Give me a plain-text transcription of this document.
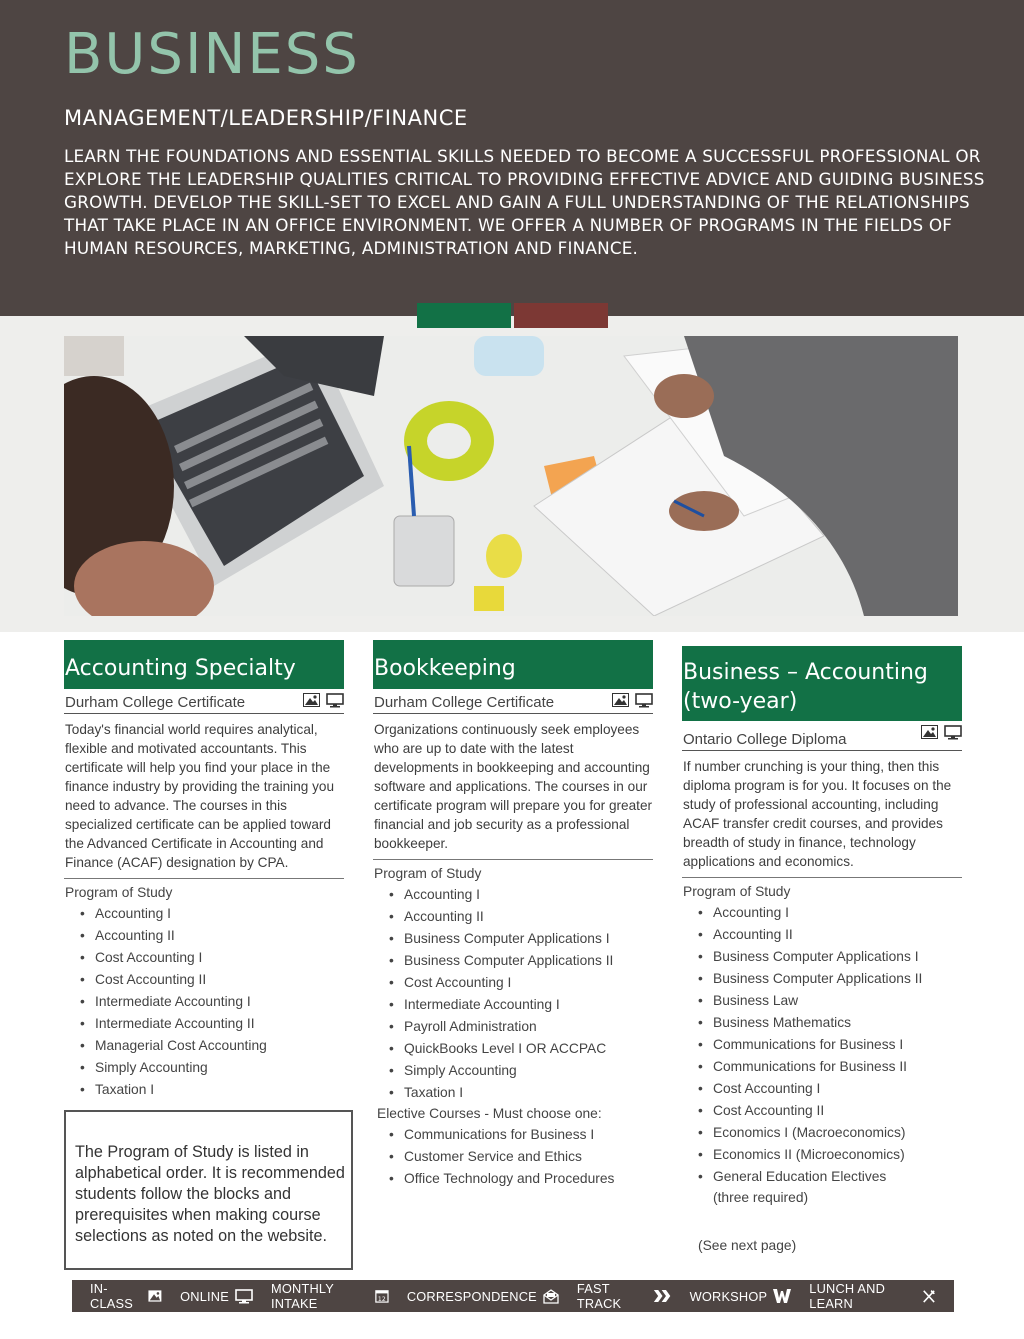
BUSINESS
MANAGEMENT/LEADERSHIP/FINANCE
LEARN THE FOUNDATIONS AND ESSENTIAL SKILLS NEEDED TO BECOME A SUCCESSFUL PROFESSIONAL OR EXPLORE THE LEADERSHIP QUALITIES CRITICAL TO PROVIDING EFFECTIVE ADVICE AND GUIDING BUSINESS GROWTH. DEVELOP THE SKILL-SET TO EXCEL AND GAIN A FULL UNDERSTANDING OF THE RELATIONSHIPS THAT TAKE PLACE IN AN OFFICE ENVIRONMENT. WE OFFER A NUMBER OF PROGRAMS IN THE FIELDS OF HUMAN RESOURCES, MARKETING, ADMINISTRATION AND FINANCE.
Accounting Specialty
Durham College Certificate
Today's financial world requires analytical, flexible and motivated accountants. This certificate will help you find your place in the finance industry by providing the training you need to advance. The courses in this specialized certificate can be applied toward the Advanced Certificate in Accounting and Finance (ACAF) designation by CPA.
Program of Study
• Accounting I
• Accounting II
• Cost Accounting I
• Cost Accounting II
• Intermediate Accounting I
• Intermediate Accounting II
• Managerial Cost Accounting
• Simply Accounting
• Taxation I
The Program of Study is listed in alphabetical order. It is recommended students follow the blocks and prerequisites when making course selections as noted on the website.
Bookkeeping
Durham College Certificate
Organizations continuously seek employees who are up to date with the latest developments in bookkeeping and accounting software and applications. The courses in our certificate program will prepare you for greater financial and job security as a professional bookkeeper.
Program of Study
• Accounting I
• Accounting II
• Business Computer Applications I
• Business Computer Applications II
• Cost Accounting I
• Intermediate Accounting I
• Payroll Administration
• QuickBooks Level I OR ACCPAC
• Simply Accounting
• Taxation I
Elective Courses - Must choose one:
• Communications for Business I
• Customer Service and Ethics
• Office Technology and Procedures
Business – Accounting (two-year)
Ontario College Diploma
If number crunching is your thing, then this diploma program is for you. It focuses on the study of professional accounting, including ACAF transfer credit courses, and provides breadth of study in finance, technology applications and economics.
Program of Study
• Accounting I
• Accounting II
• Business Computer Applications I
• Business Computer Applications II
• Business Law
• Business Mathematics
• Communications for Business I
• Communications for Business II
• Cost Accounting I
• Cost Accounting II
• Economics I (Macroeconomics)
• Economics II (Microeconomics)
• General Education Electives
(three required)
(See next page)
IN-CLASS	ONLINE	MONTHLY INTAKE	12 CORRESPONDENCE	FAST TRACK	WORKSHOP	LUNCH AND LEARN
